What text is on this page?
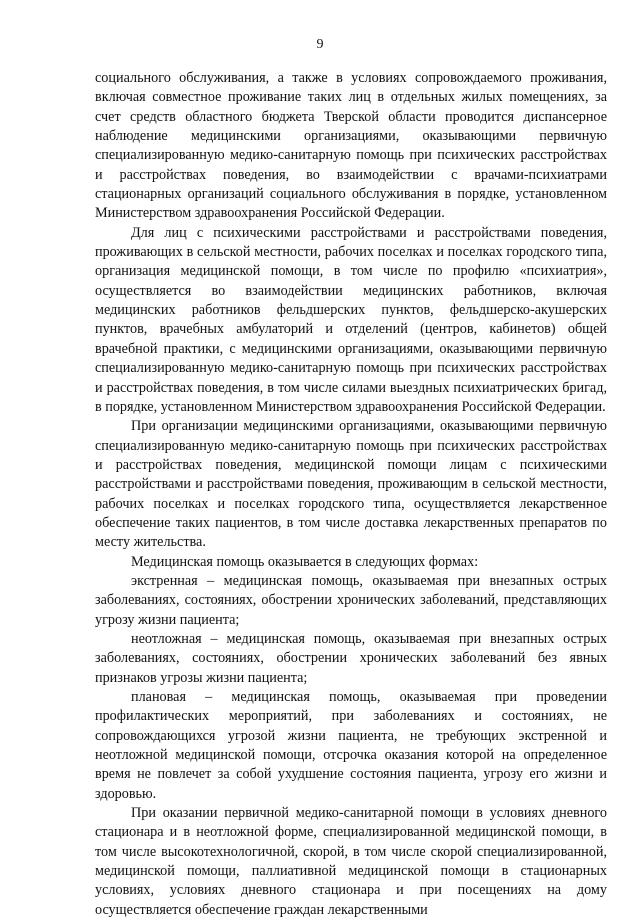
9

социального обслуживания, а также в условиях сопровождаемого проживания, включая совместное проживание таких лиц в отдельных жилых помещениях, за счет средств областного бюджета Тверской области проводится диспансерное наблюдение медицинскими организациями, оказывающими первичную специализированную медико-санитарную помощь при психических расстройствах и расстройствах поведения, во взаимодействии с врачами-психиатрами стационарных организаций социального обслуживания в порядке, установленном Министерством здравоохранения Российской Федерации.

Для лиц с психическими расстройствами и расстройствами поведения, проживающих в сельской местности, рабочих поселках и поселках городского типа, организация медицинской помощи, в том числе по профилю «психиатрия», осуществляется во взаимодействии медицинских работников, включая медицинских работников фельдшерских пунктов, фельдшерско-акушерских пунктов, врачебных амбулаторий и отделений (центров, кабинетов) общей врачебной практики, с медицинскими организациями, оказывающими первичную специализированную медико-санитарную помощь при психических расстройствах и расстройствах поведения, в том числе силами выездных психиатрических бригад, в порядке, установленном Министерством здравоохранения Российской Федерации.

При организации медицинскими организациями, оказывающими первичную специализированную медико-санитарную помощь при психических расстройствах и расстройствах поведения, медицинской помощи лицам с психическими расстройствами и расстройствами поведения, проживающим в сельской местности, рабочих поселках и поселках городского типа, осуществляется лекарственное обеспечение таких пациентов, в том числе доставка лекарственных препаратов по месту жительства.

Медицинская помощь оказывается в следующих формах:

экстренная – медицинская помощь, оказываемая при внезапных острых заболеваниях, состояниях, обострении хронических заболеваний, представляющих угрозу жизни пациента;

неотложная – медицинская помощь, оказываемая при внезапных острых заболеваниях, состояниях, обострении хронических заболеваний без явных признаков угрозы жизни пациента;

плановая – медицинская помощь, оказываемая при проведении профилактических мероприятий, при заболеваниях и состояниях, не сопровождающихся угрозой жизни пациента, не требующих экстренной и неотложной медицинской помощи, отсрочка оказания которой на определенное время не повлечет за собой ухудшение состояния пациента, угрозу его жизни и здоровью.

При оказании первичной медико-санитарной помощи в условиях дневного стационара и в неотложной форме, специализированной медицинской помощи, в том числе высокотехнологичной, скорой, в том числе скорой специализированной, медицинской помощи, паллиативной медицинской помощи в стационарных условиях, условиях дневного стационара и при посещениях на дому осуществляется обеспечение граждан лекарственными
